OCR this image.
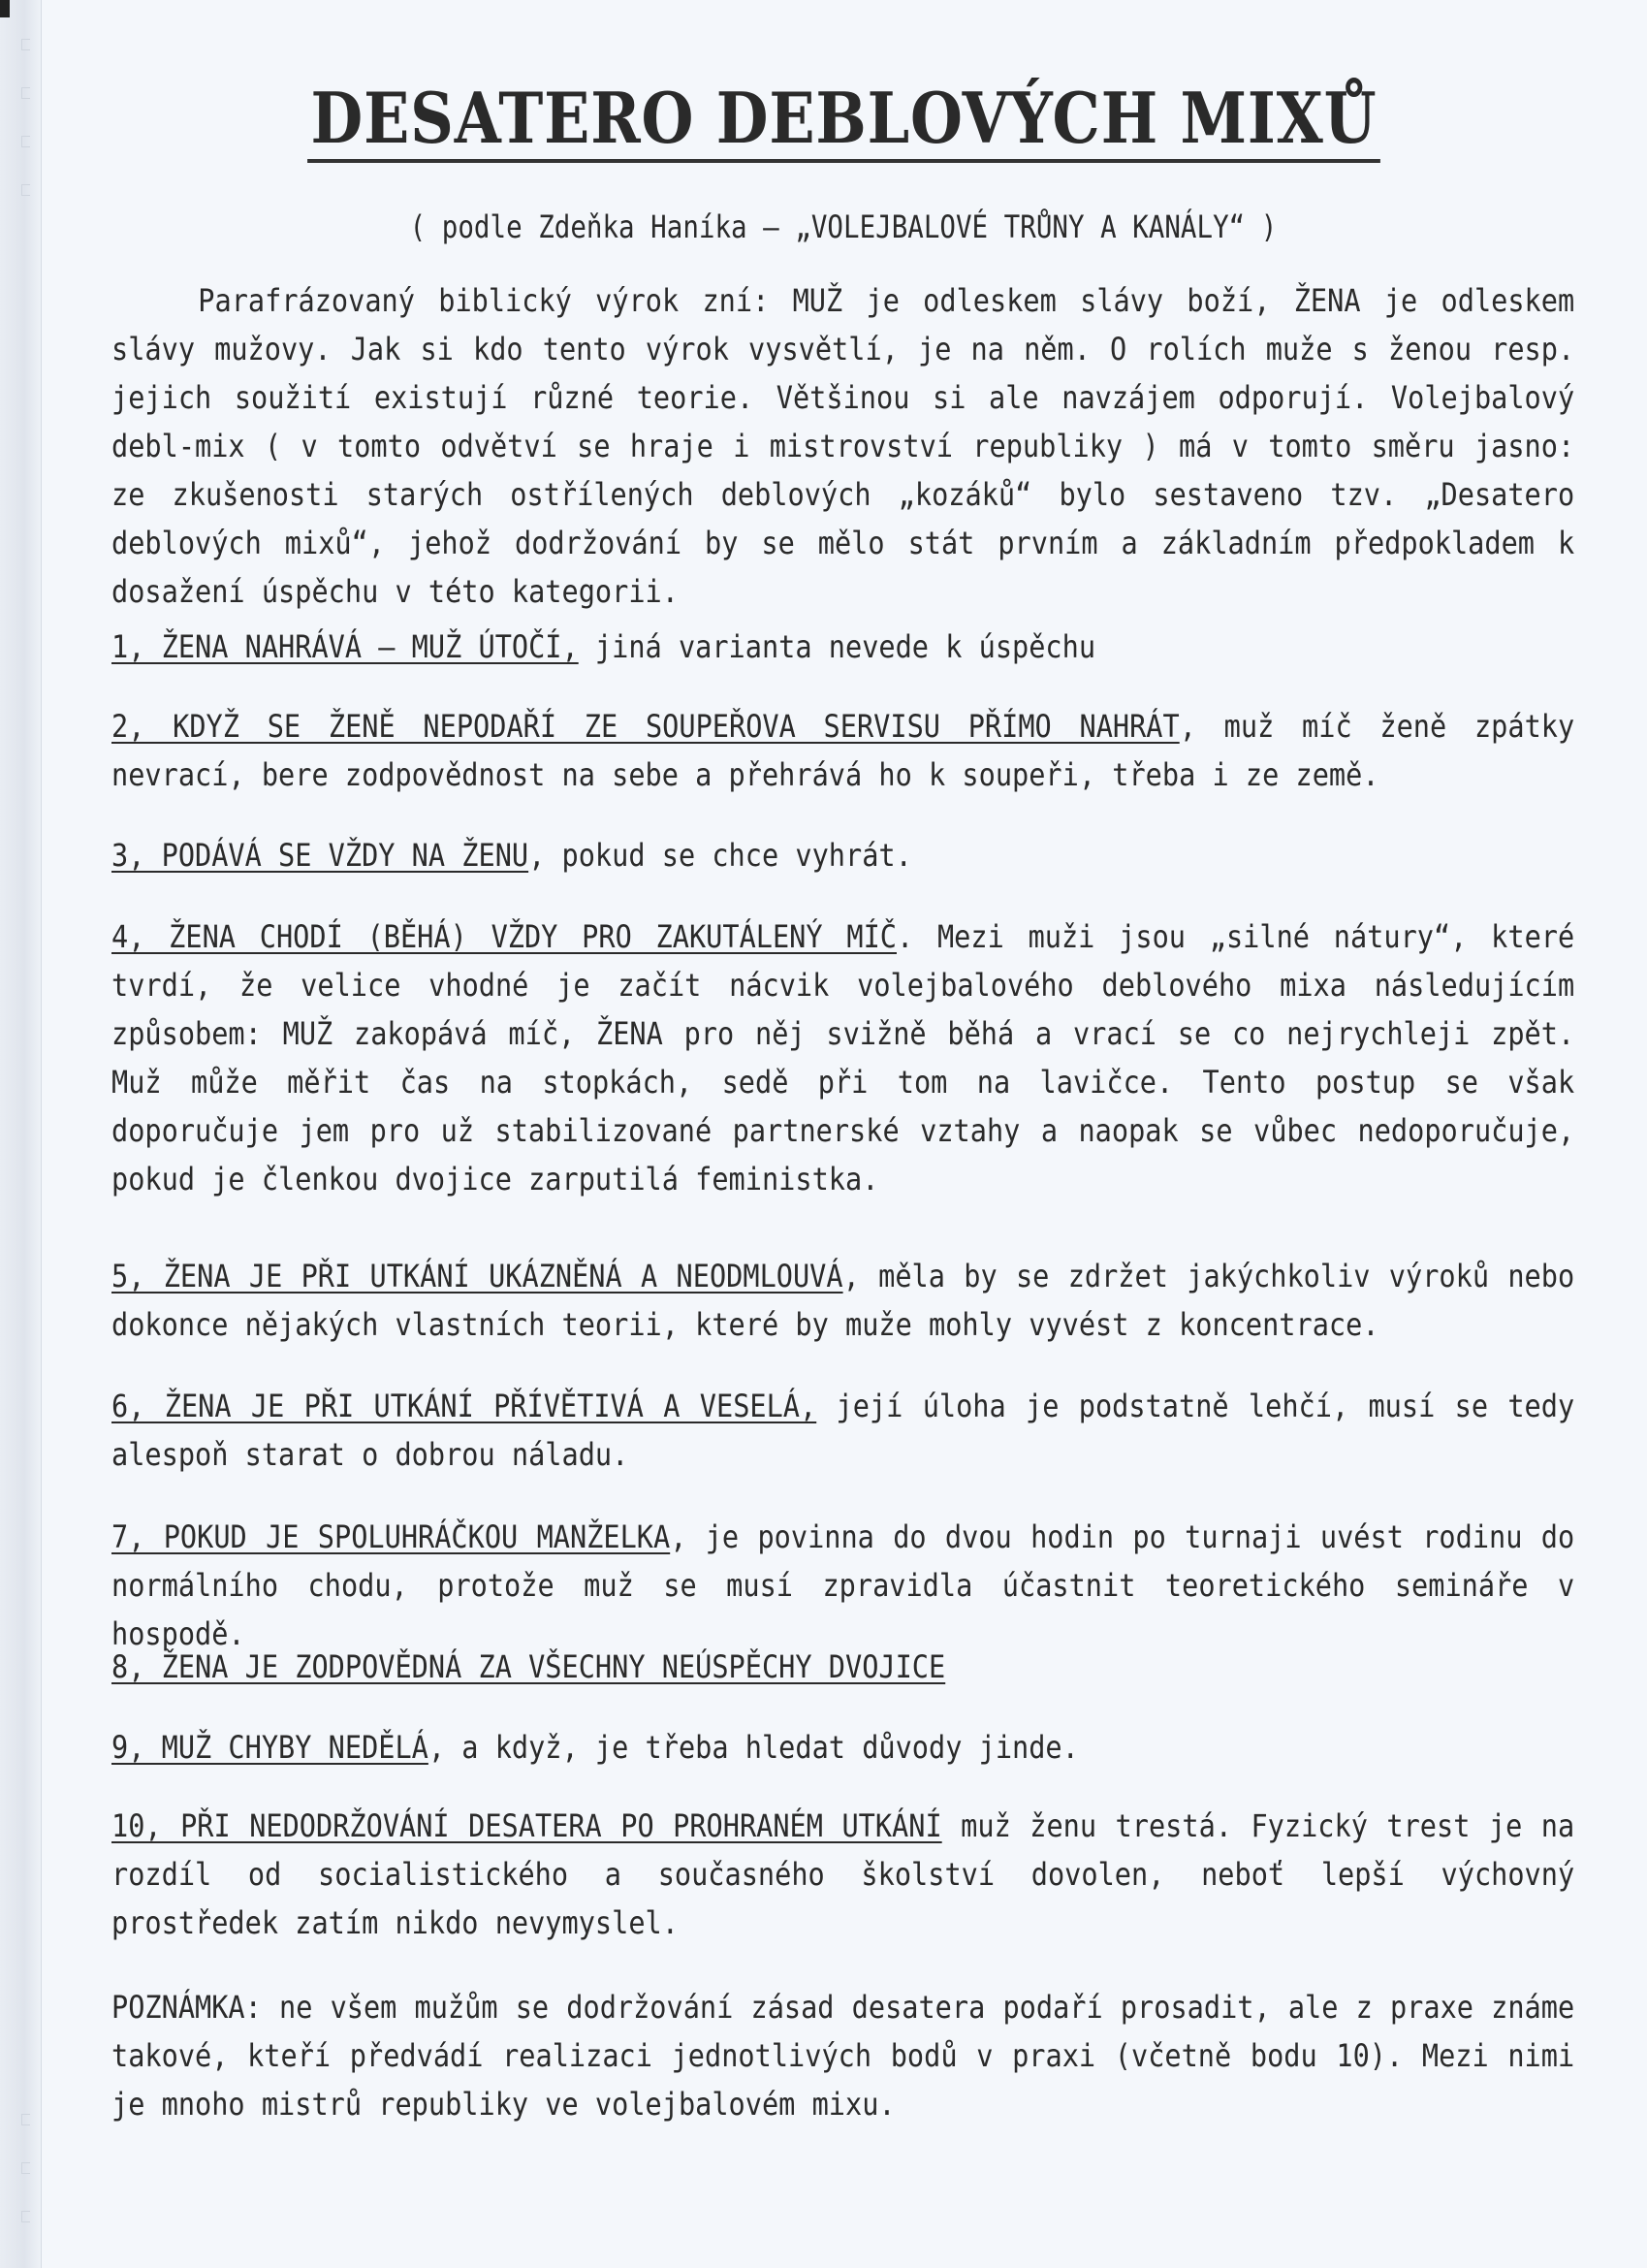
DESATERO DEBLOVÝCH MIXŮ
( podle Zdeňka Haníka – „VOLEJBALOVÉ TRŮNY A KANÁLY“ )
Parafrázovaný biblický výrok zní: MUŽ je odleskem slávy boží, ŽENA je odleskem slávy mužovy. Jak si kdo tento výrok vysvětlí, je na něm. O rolích muže s ženou resp. jejich soužití existují různé teorie. Většinou si ale navzájem odporují. Volejbalový debl-mix ( v tomto odvětví se hraje i mistrovství republiky ) má v tomto směru jasno: ze zkušenosti starých ostřílených deblových „kozáků“ bylo sestaveno tzv. „Desatero deblových mixů“, jehož dodržování by se mělo stát prvním a základním předpokladem k dosažení úspěchu v této kategorii.
1, ŽENA NAHRÁVÁ – MUŽ ÚTOČÍ, jiná varianta nevede k úspěchu
2, KDYŽ SE ŽENĚ NEPODAŘÍ ZE SOUPEŘOVA SERVISU PŘÍMO NAHRÁT, muž míč ženě zpátky nevrací, bere zodpovědnost na sebe a přehrává ho k soupeři, třeba i ze země.
3, PODÁVÁ SE VŽDY NA ŽENU, pokud se chce vyhrát.
4, ŽENA CHODÍ (BĚHÁ) VŽDY PRO ZAKUTÁLENÝ MÍČ. Mezi muži jsou „silné nátury“, které tvrdí, že velice vhodné je začít nácvik volejbalového deblového mixa následujícím způsobem: MUŽ zakopává míč, ŽENA pro něj svižně běhá a vrací se co nejrychleji zpět. Muž může měřit čas na stopkách, sedě při tom na lavičce. Tento postup se však doporučuje jem pro už stabilizované partnerské vztahy a naopak se vůbec nedoporučuje, pokud je členkou dvojice zarputilá feministka.
5, ŽENA JE PŘI UTKÁNÍ UKÁZNĚNÁ A NEODMLOUVÁ, měla by se zdržet jakýchkoliv výroků nebo dokonce nějakých vlastních teorii, které by muže mohly vyvést z koncentrace.
6, ŽENA JE PŘI UTKÁNÍ PŘÍVĚTIVÁ A VESELÁ, její úloha je podstatně lehčí, musí se tedy alespoň starat o dobrou náladu.
7, POKUD JE SPOLUHRÁČKOU MANŽELKA, je povinna do dvou hodin po turnaji uvést rodinu do normálního chodu, protože muž se musí zpravidla účastnit teoretického semináře v hospodě.
8, ŽENA JE ZODPOVĚDNÁ ZA VŠECHNY NEÚSPĚCHY DVOJICE
9, MUŽ CHYBY NEDĚLÁ, a když, je třeba hledat důvody jinde.
10, PŘI NEDODRŽOVÁNÍ DESATERA PO PROHRANÉM UTKÁNÍ muž ženu trestá. Fyzický trest je na rozdíl od socialistického a současného školství dovolen, neboť lepší výchovný prostředek zatím nikdo nevymyslel.
POZNÁMKA: ne všem mužům se dodržování zásad desatera podaří prosadit, ale z praxe známe takové, kteří předvádí realizaci jednotlivých bodů v praxi (včetně bodu 10). Mezi nimi je mnoho mistrů republiky ve volejbalovém mixu.
